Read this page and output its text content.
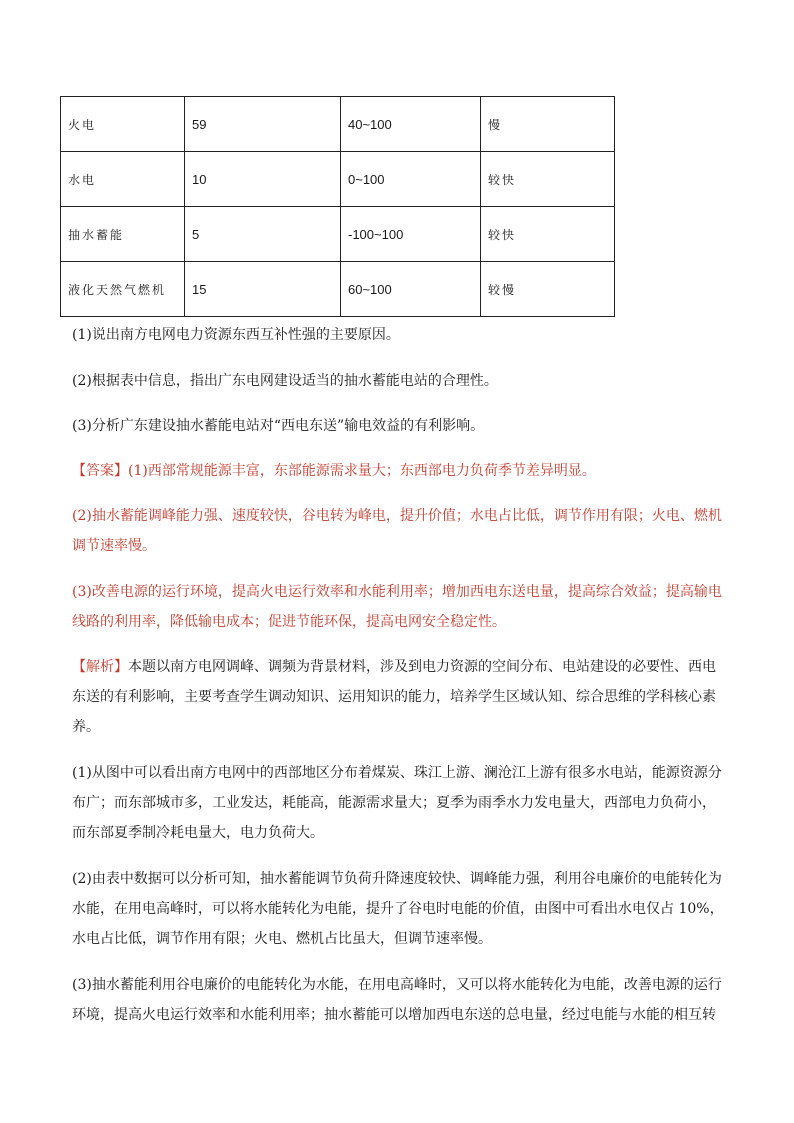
火电	59	40~100	慢
水电	10	0~100	较快
抽水蓄能	5	-100~100	较快
液化天然气燃机	15	60~100	较慢

(1)说出南方电网电力资源东西互补性强的主要原因。

(2)根据表中信息，指出广东电网建设适当的抽水蓄能电站的合理性。

(3)分析广东建设抽水蓄能电站对“西电东送”输电效益的有利影响。

【答案】(1)西部常规能源丰富，东部能源需求量大；东西部电力负荷季节差异明显。

(2)抽水蓄能调峰能力强、速度较快，谷电转为峰电，提升价值；水电占比低，调节作用有限；火电、燃机
调节速率慢。

(3)改善电源的运行环境，提高火电运行效率和水能利用率；增加西电东送电量，提高综合效益；提高输电
线路的利用率，降低输电成本；促进节能环保，提高电网安全稳定性。

【解析】本题以南方电网调峰、调频为背景材料，涉及到电力资源的空间分布、电站建设的必要性、西电
东送的有利影响，主要考查学生调动知识、运用知识的能力，培养学生区域认知、综合思维的学科核心素
养。

(1)从图中可以看出南方电网中的西部地区分布着煤炭、珠江上游、澜沧江上游有很多水电站，能源资源分
布广；而东部城市多，工业发达，耗能高，能源需求量大；夏季为雨季水力发电量大，西部电力负荷小，
而东部夏季制冷耗电量大，电力负荷大。

(2)由表中数据可以分析可知，抽水蓄能调节负荷升降速度较快、调峰能力强，利用谷电廉价的电能转化为
水能，在用电高峰时，可以将水能转化为电能，提升了谷电时电能的价值，由图中可看出水电仅占 10%，
水电占比低，调节作用有限；火电、燃机占比虽大，但调节速率慢。

(3)抽水蓄能利用谷电廉价的电能转化为水能，在用电高峰时，又可以将水能转化为电能，改善电源的运行
环境，提高火电运行效率和水能利用率；抽水蓄能可以增加西电东送的总电量，经过电能与水能的相互转
